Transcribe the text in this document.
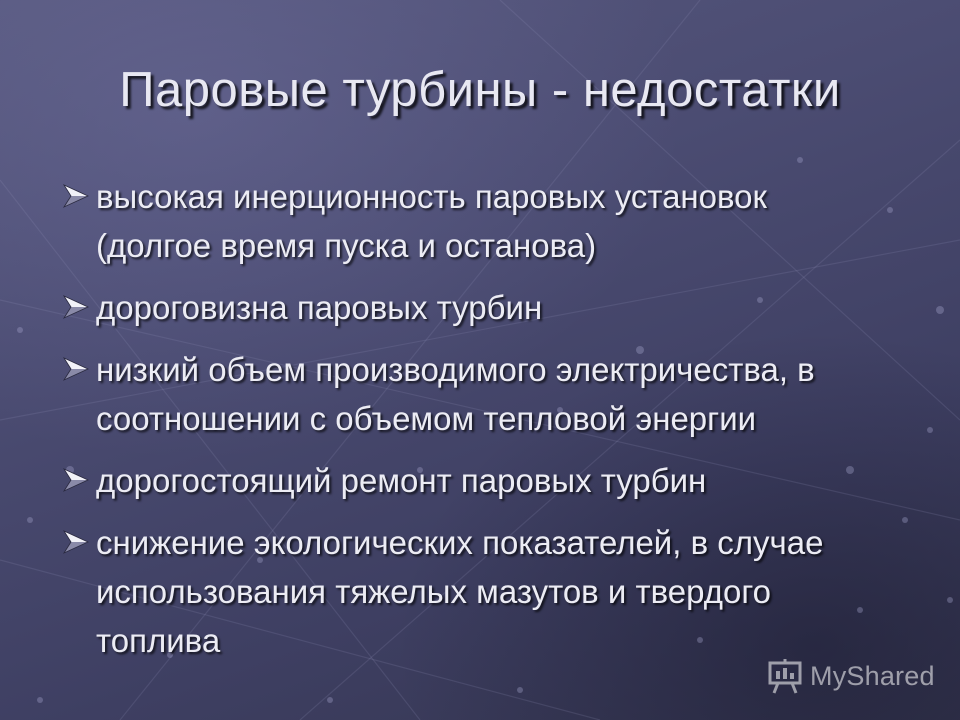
Паровые турбины - недостатки
высокая инерционность паровых установок (долгое время пуска и останова)
дороговизна паровых турбин
низкий объем производимого электричества, в соотношении с объемом тепловой энергии
дорогостоящий ремонт паровых турбин
снижение экологических показателей, в случае использования тяжелых мазутов и твердого топлива
MyShared
